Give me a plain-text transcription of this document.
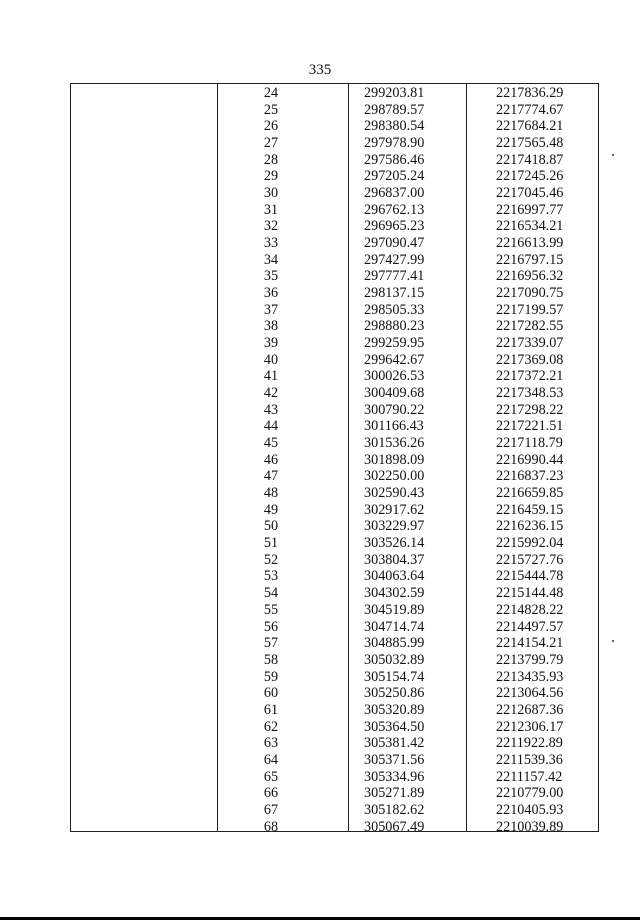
335
24	299203.81	2217836.29
25	298789.57	2217774.67
26	298380.54	2217684.21
27	297978.90	2217565.48
28	297586.46	2217418.87
29	297205.24	2217245.26
30	296837.00	2217045.46
31	296762.13	2216997.77
32	296965.23	2216534.21
33	297090.47	2216613.99
34	297427.99	2216797.15
35	297777.41	2216956.32
36	298137.15	2217090.75
37	298505.33	2217199.57
38	298880.23	2217282.55
39	299259.95	2217339.07
40	299642.67	2217369.08
41	300026.53	2217372.21
42	300409.68	2217348.53
43	300790.22	2217298.22
44	301166.43	2217221.51
45	301536.26	2217118.79
46	301898.09	2216990.44
47	302250.00	2216837.23
48	302590.43	2216659.85
49	302917.62	2216459.15
50	303229.97	2216236.15
51	303526.14	2215992.04
52	303804.37	2215727.76
53	304063.64	2215444.78
54	304302.59	2215144.48
55	304519.89	2214828.22
56	304714.74	2214497.57
57	304885.99	2214154.21
58	305032.89	2213799.79
59	305154.74	2213435.93
60	305250.86	2213064.56
61	305320.89	2212687.36
62	305364.50	2212306.17
63	305381.42	2211922.89
64	305371.56	2211539.36
65	305334.96	2211157.42
66	305271.89	2210779.00
67	305182.62	2210405.93
68	305067.49	2210039.89
